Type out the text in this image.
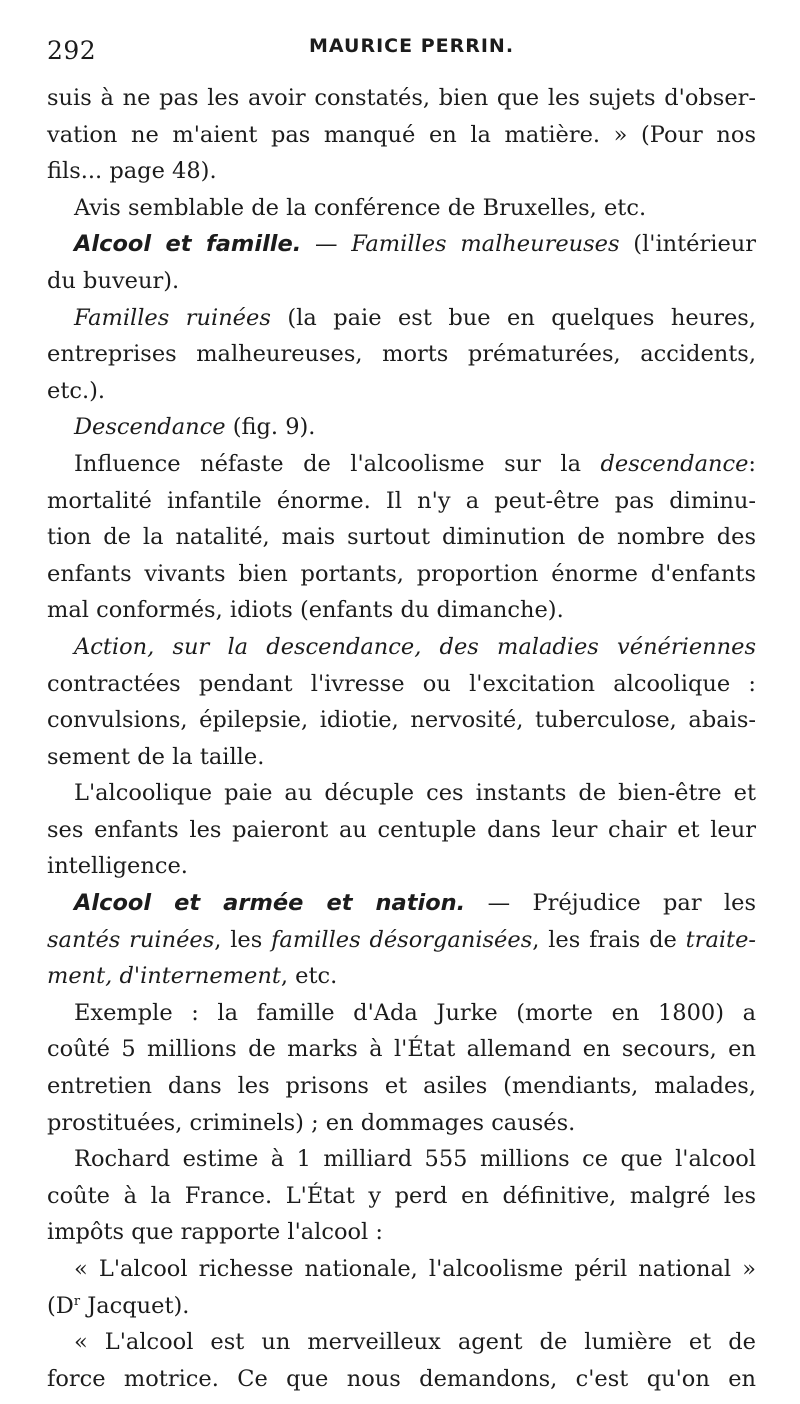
292	MAURICE PERRIN.
suis à ne pas les avoir constatés, bien que les sujets d'obser-
vation ne m'aient pas manqué en la matière. » (Pour nos
fils... page 48).
Avis semblable de la conférence de Bruxelles, etc.
Alcool et famille. — Familles malheureuses (l'intérieur
du buveur).
Familles ruinées (la paie est bue en quelques heures,
entreprises malheureuses, morts prématurées, accidents,
etc.).
Descendance (fig. 9).
Influence néfaste de l'alcoolisme sur la descendance:
mortalité infantile énorme. Il n'y a peut-être pas diminu-
tion de la natalité, mais surtout diminution de nombre des
enfants vivants bien portants, proportion énorme d'enfants
mal conformés, idiots (enfants du dimanche).
Action, sur la descendance, des maladies vénériennes
contractées pendant l'ivresse ou l'excitation alcoolique :
convulsions, épilepsie, idiotie, nervosité, tuberculose, abais-
sement de la taille.
L'alcoolique paie au décuple ces instants de bien-être et
ses enfants les paieront au centuple dans leur chair et leur
intelligence.
Alcool et armée et nation. — Préjudice par les
santés ruinées, les familles désorganisées, les frais de traite-
ment, d'internement, etc.
Exemple : la famille d'Ada Jurke (morte en 1800) a
coûté 5 millions de marks à l'État allemand en secours, en
entretien dans les prisons et asiles (mendiants, malades,
prostituées, criminels) ; en dommages causés.
Rochard estime à 1 milliard 555 millions ce que l'alcool
coûte à la France. L'État y perd en définitive, malgré les
impôts que rapporte l'alcool :
« L'alcool richesse nationale, l'alcoolisme péril national »
($D^r$ Jacquet).
« L'alcool est un merveilleux agent de lumière et de
force motrice. Ce que nous demandons, c'est qu'on en
